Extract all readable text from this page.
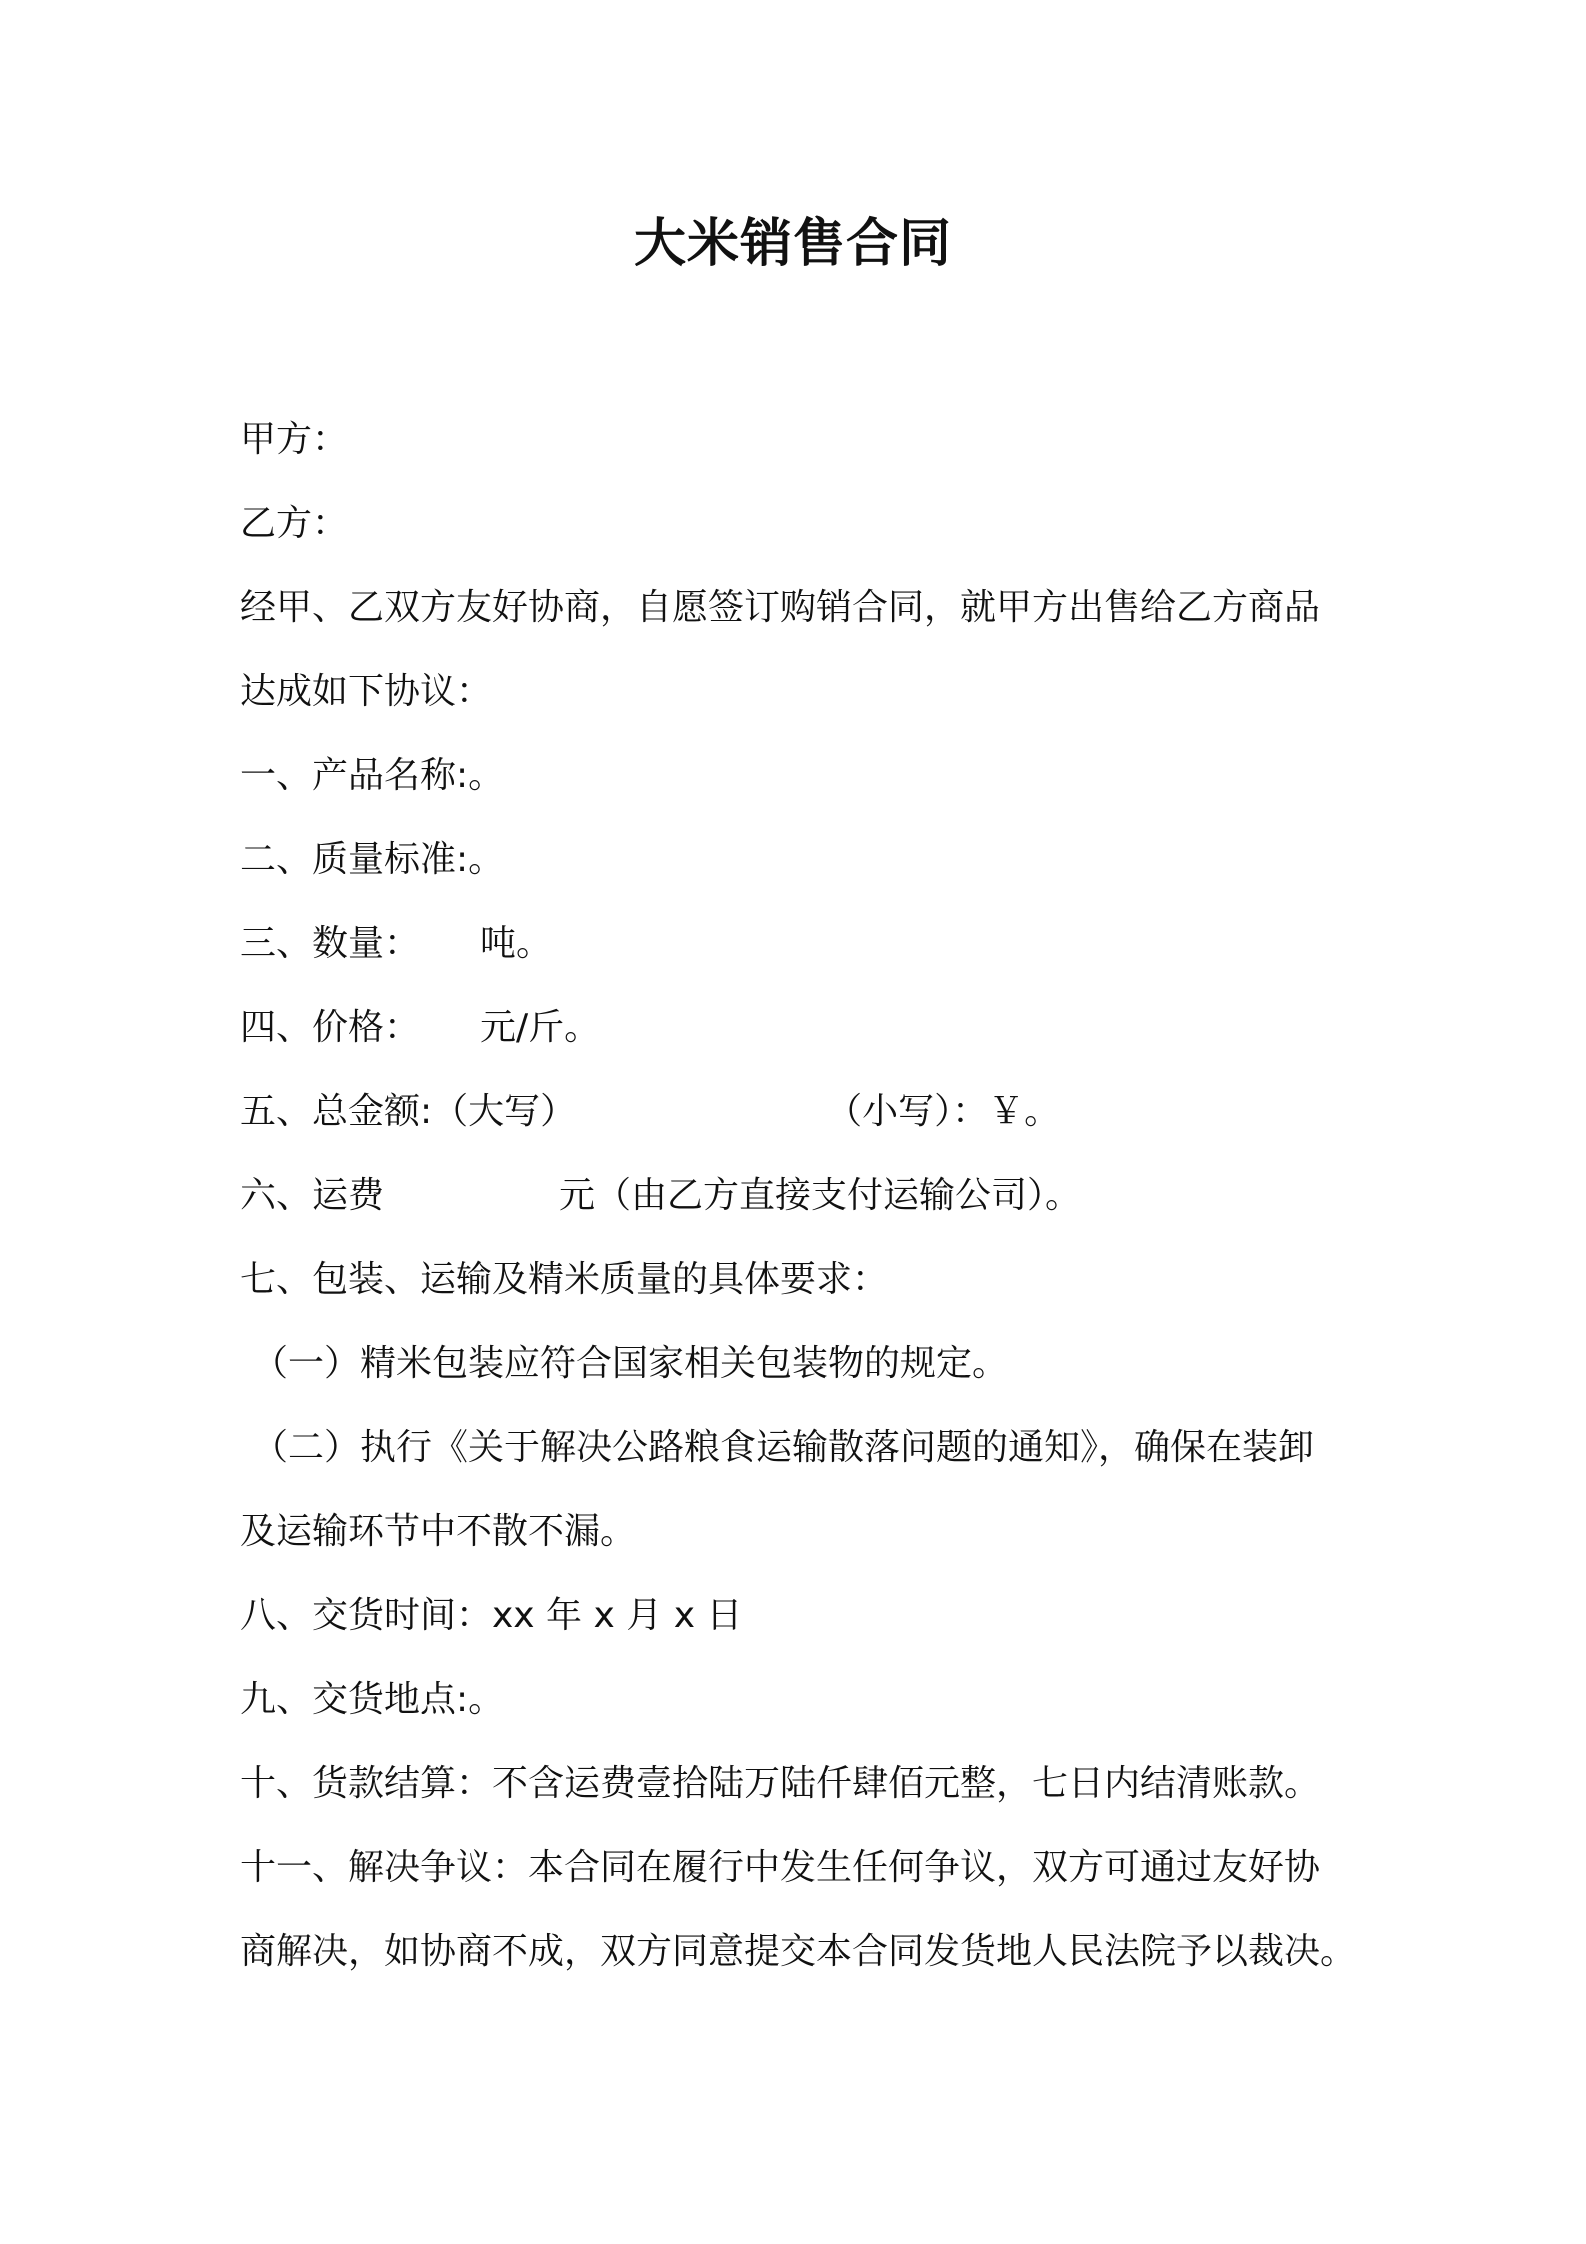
大米销售合同
甲方：
乙方：
经甲、乙双方友好协商，自愿签订购销合同，就甲方出售给乙方商品
达成如下协议：
一、产品名称:。
二、质量标准:。
三、数量： 吨。
四、价格： 元/斤。
五、总金额:（大写）	（小写）：￥。
六、运费	元（由乙方直接支付运输公司）。
七、包装、运输及精米质量的具体要求：
（一）精米包装应符合国家相关包装物的规定。
（二）执行《关于解决公路粮食运输散落问题的通知》，确保在装卸
及运输环节中不散不漏。
八、交货时间：xx 年 x 月 x 日
九、交货地点:。
十、货款结算：不含运费壹拾陆万陆仟肆佰元整，七日内结清账款。
十一、解决争议：本合同在履行中发生任何争议，双方可通过友好协
商解决，如协商不成，双方同意提交本合同发货地人民法院予以裁决。
